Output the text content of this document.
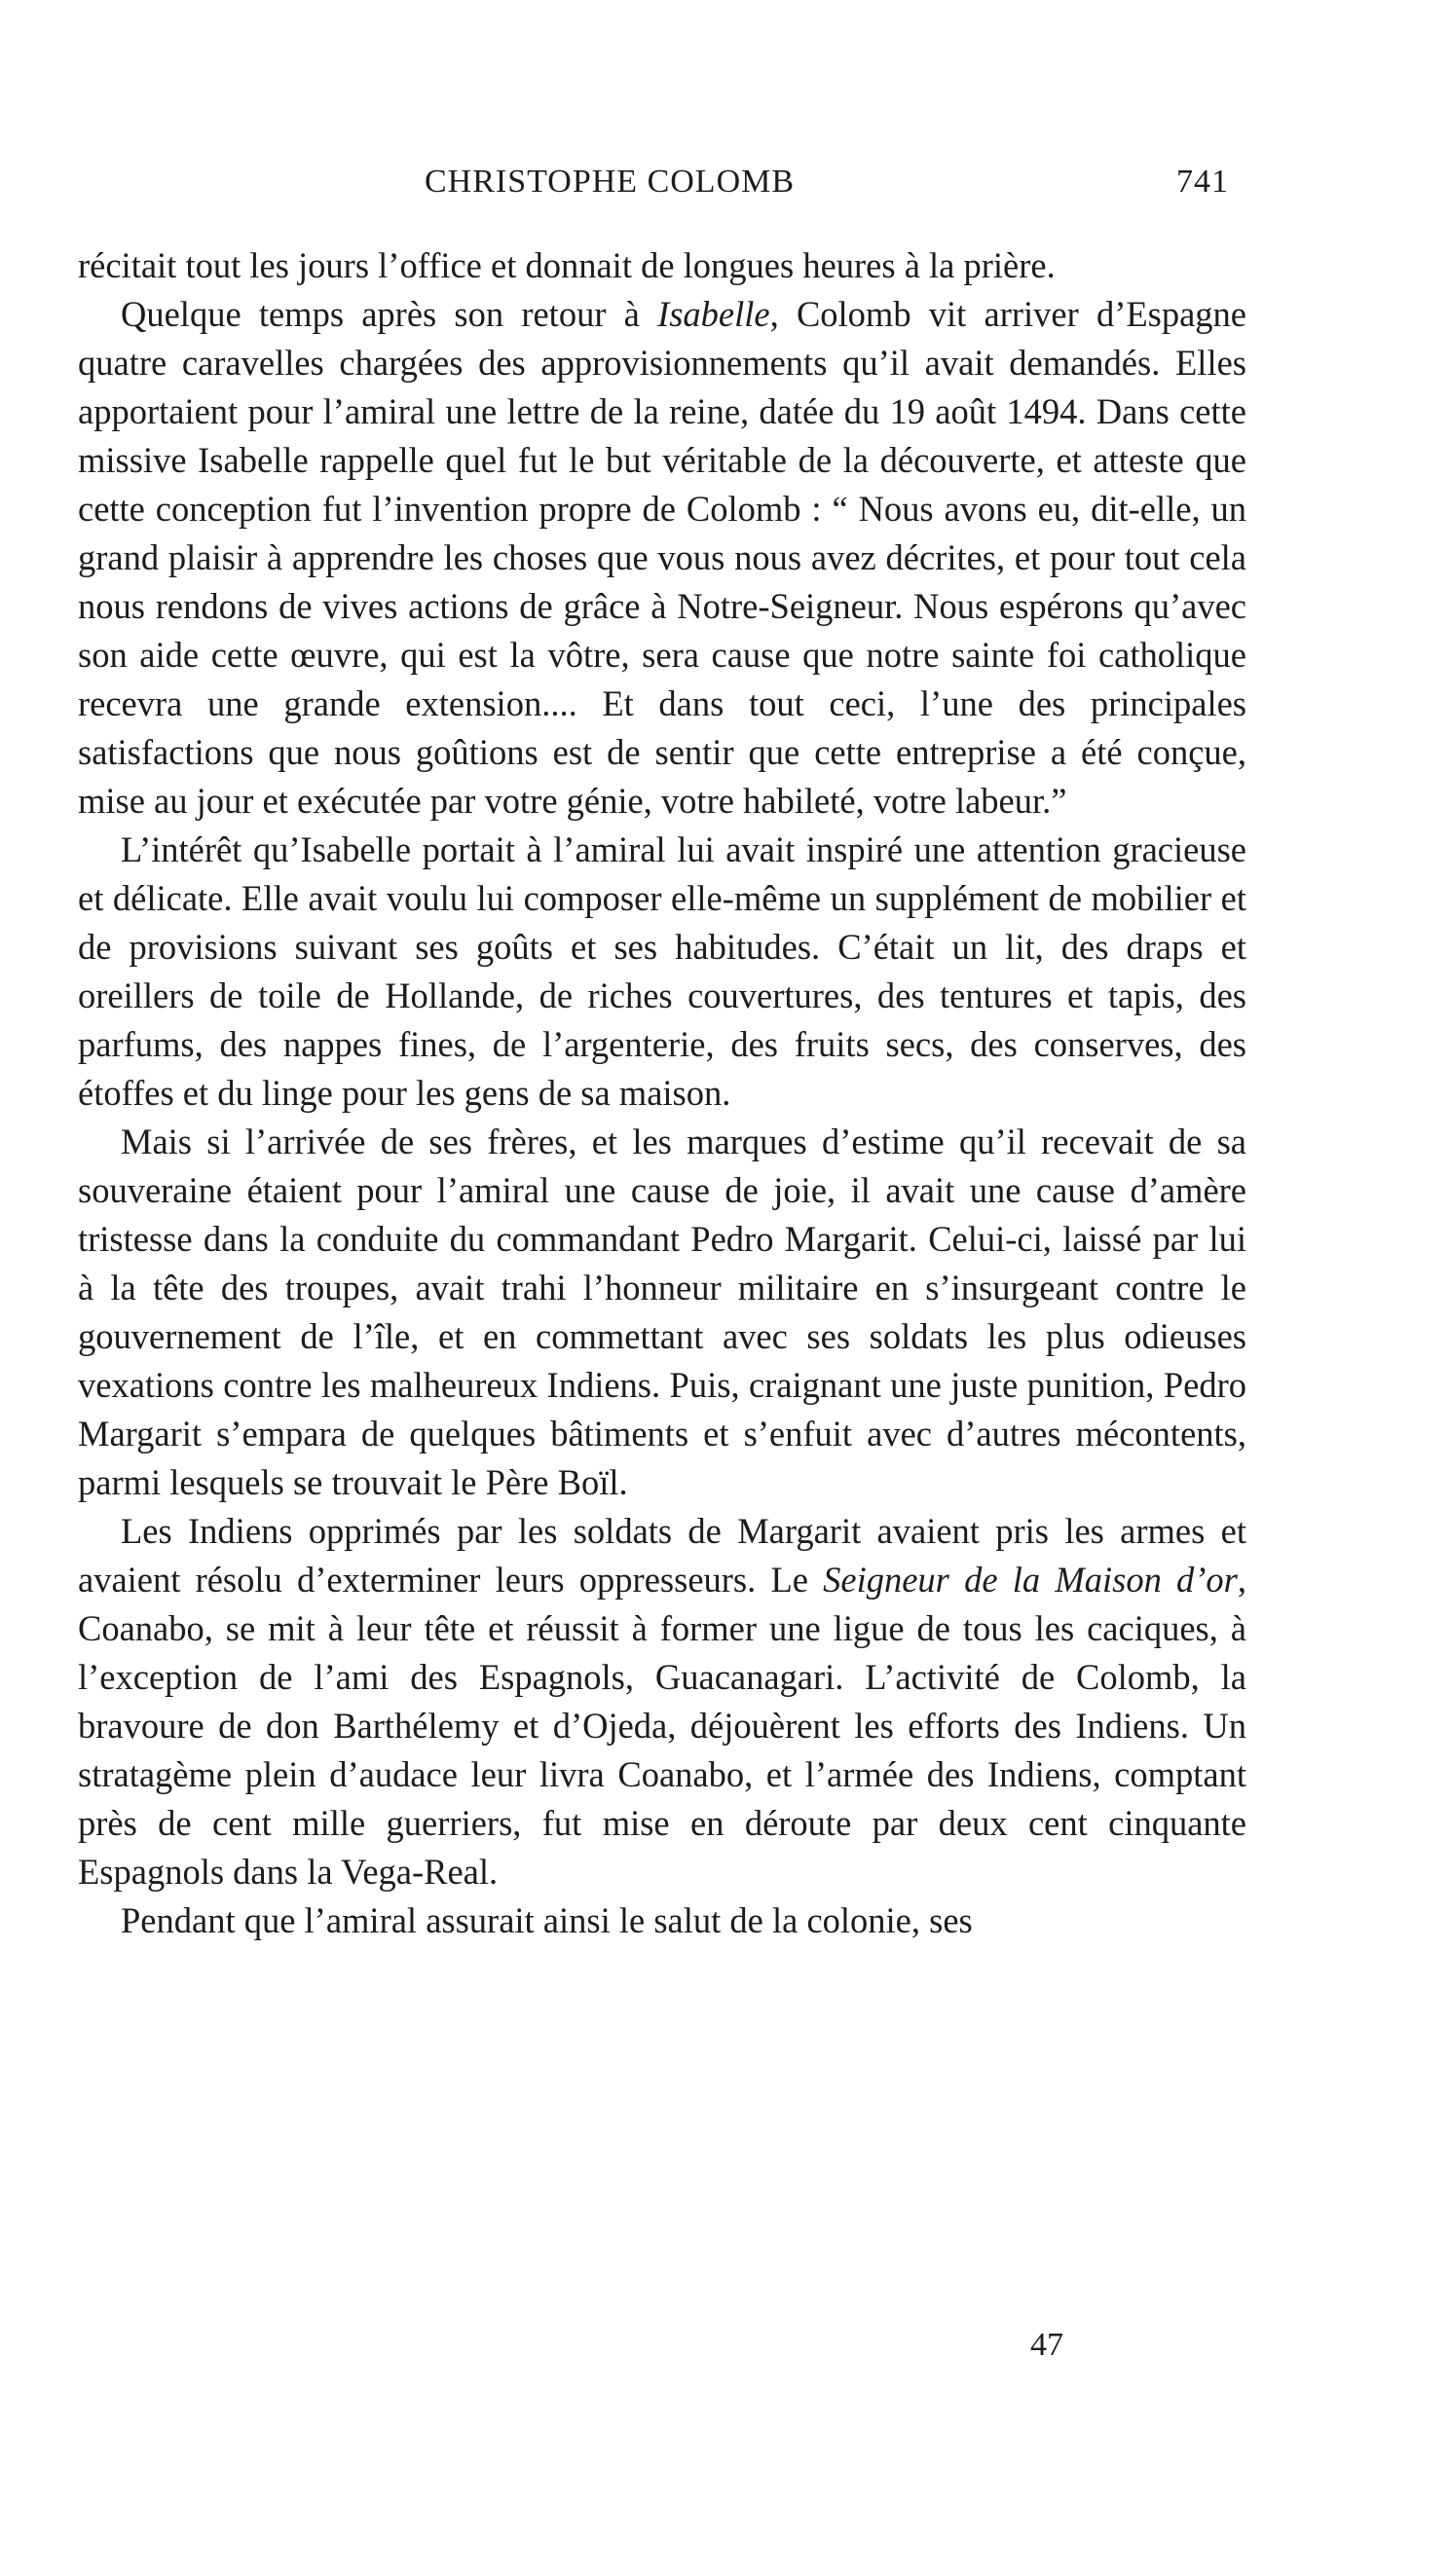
CHRISTOPHE COLOMB	741

récitait tout les jours l’office et donnait de longues heures à la prière.

Quelque temps après son retour à Isabelle, Colomb vit arriver d’Espagne quatre caravelles chargées des approvisionnements qu’il avait demandés. Elles apportaient pour l’amiral une lettre de la reine, datée du 19 août 1494. Dans cette missive Isabelle rappelle quel fut le but véritable de la découverte, et atteste que cette conception fut l’invention propre de Colomb : “ Nous avons eu, dit-elle, un grand plaisir à apprendre les choses que vous nous avez décrites, et pour tout cela nous rendons de vives actions de grâce à Notre-Seigneur. Nous espérons qu’avec son aide cette œuvre, qui est la vôtre, sera cause que notre sainte foi catholique recevra une grande extension.... Et dans tout ceci, l’une des principales satisfactions que nous goûtions est de sentir que cette entreprise a été conçue, mise au jour et exécutée par votre génie, votre habileté, votre labeur.”

L’intérêt qu’Isabelle portait à l’amiral lui avait inspiré une attention gracieuse et délicate. Elle avait voulu lui composer elle-même un supplément de mobilier et de provisions suivant ses goûts et ses habitudes. C’était un lit, des draps et oreillers de toile de Hollande, de riches couvertures, des tentures et tapis, des parfums, des nappes fines, de l’argenterie, des fruits secs, des conserves, des étoffes et du linge pour les gens de sa maison.

Mais si l’arrivée de ses frères, et les marques d’estime qu’il recevait de sa souveraine étaient pour l’amiral une cause de joie, il avait une cause d’amère tristesse dans la conduite du commandant Pedro Margarit. Celui-ci, laissé par lui à la tête des troupes, avait trahi l’honneur militaire en s’insurgeant contre le gouvernement de l’île, et en commettant avec ses soldats les plus odieuses vexations contre les malheureux Indiens. Puis, craignant une juste punition, Pedro Margarit s’empara de quelques bâtiments et s’enfuit avec d’autres mécontents, parmi lesquels se trouvait le Père Boïl.

Les Indiens opprimés par les soldats de Margarit avaient pris les armes et avaient résolu d’exterminer leurs oppresseurs. Le Seigneur de la Maison d’or, Coanabo, se mit à leur tête et réussit à former une ligue de tous les caciques, à l’exception de l’ami des Espagnols, Guacanagari. L’activité de Colomb, la bravoure de don Barthélemy et d’Ojeda, déjouèrent les efforts des Indiens. Un stratagème plein d’audace leur livra Coanabo, et l’armée des Indiens, comptant près de cent mille guerriers, fut mise en déroute par deux cent cinquante Espagnols dans la Vega-Real.

Pendant que l’amiral assurait ainsi le salut de la colonie, ses

47
